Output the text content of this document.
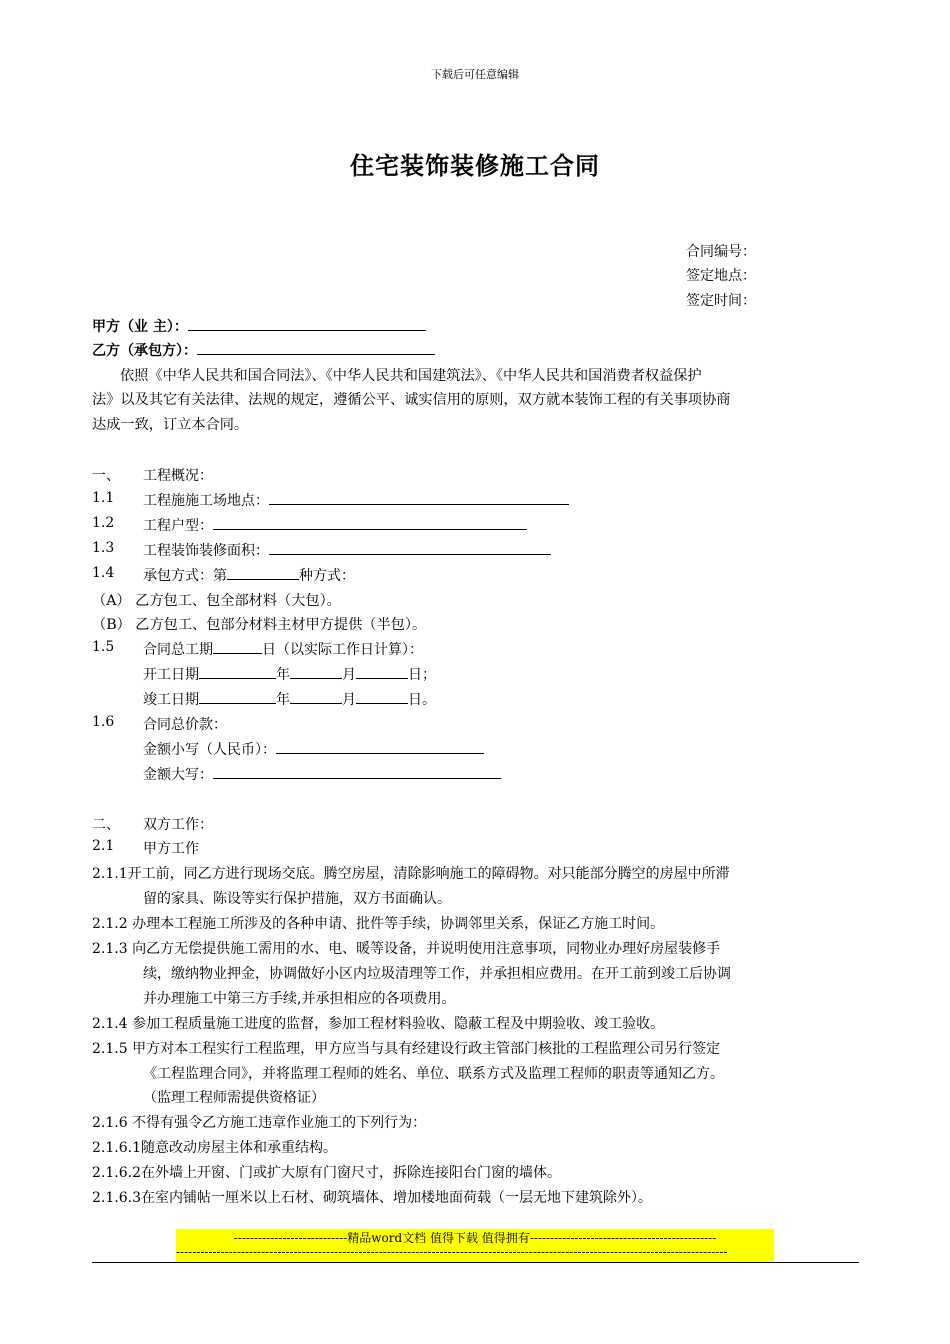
下载后可任意编辑
住宅装饰装修施工合同
合同编号：
签定地点：
签定时间：
甲方（业 主）：
乙方（承包方）：
依照《中华人民共和国合同法》、《中华人民共和国建筑法》、《中华人民共和国消费者权益保护
法》以及其它有关法律、法规的规定，遵循公平、诚实信用的原则，双方就本装饰工程的有关事项协商
达成一致，订立本合同。
一、 工程概况：
1.1 工程施施工场地点：
1.2 工程户型：
1.3 工程装饰装修面积：
1.4 承包方式：第	种方式：
（A） 乙方包工、包全部材料（大包）。
（B） 乙方包工、包部分材料主材甲方提供（半包）。
1.5 合同总工期	日（以实际工作日计算）：
开工日期	年	月	日；
竣工日期	年	月	日。
1.6 合同总价款：
金额小写（人民币）：
金额大写：
二、 双方工作：
2.1 甲方工作
2.1.1开工前，同乙方进行现场交底。腾空房屋，清除影响施工的障碍物。对只能部分腾空的房屋中所滞
留的家具、陈设等实行保护措施，双方书面确认。
2.1.2 办理本工程施工所涉及的各种申请、批件等手续，协调邻里关系，保证乙方施工时间。
2.1.3 向乙方无偿提供施工需用的水、电、暖等设备，并说明使用注意事项，同物业办理好房屋装修手
续，缴纳物业押金，协调做好小区内垃圾清理等工作，并承担相应费用。在开工前到竣工后协调
并办理施工中第三方手续,并承担相应的各项费用。
2.1.4 参加工程质量施工进度的监督，参加工程材料验收、隐蔽工程及中期验收、竣工验收。
2.1.5 甲方对本工程实行工程监理，甲方应当与具有经建设行政主管部门核批的工程监理公司另行签定
《工程监理合同》，并将监理工程师的姓名、单位、联系方式及监理工程师的职责等通知乙方。
（监理工程师需提供资格证）
2.1.6 不得有强令乙方施工违章作业施工的下列行为：
2.1.6.1随意改动房屋主体和承重结构。
2.1.6.2在外墙上开窗、门或扩大原有门窗尺寸，拆除连接阳台门窗的墙体。
2.1.6.3在室内铺帖一厘米以上石材、砌筑墙体、增加楼地面荷载（一层无地下建筑除外）。
----------------------------精品word文档 值得下载 值得拥有----------------------------------------------
----------------------------------------------------------------------------------------------------------------------------------------
